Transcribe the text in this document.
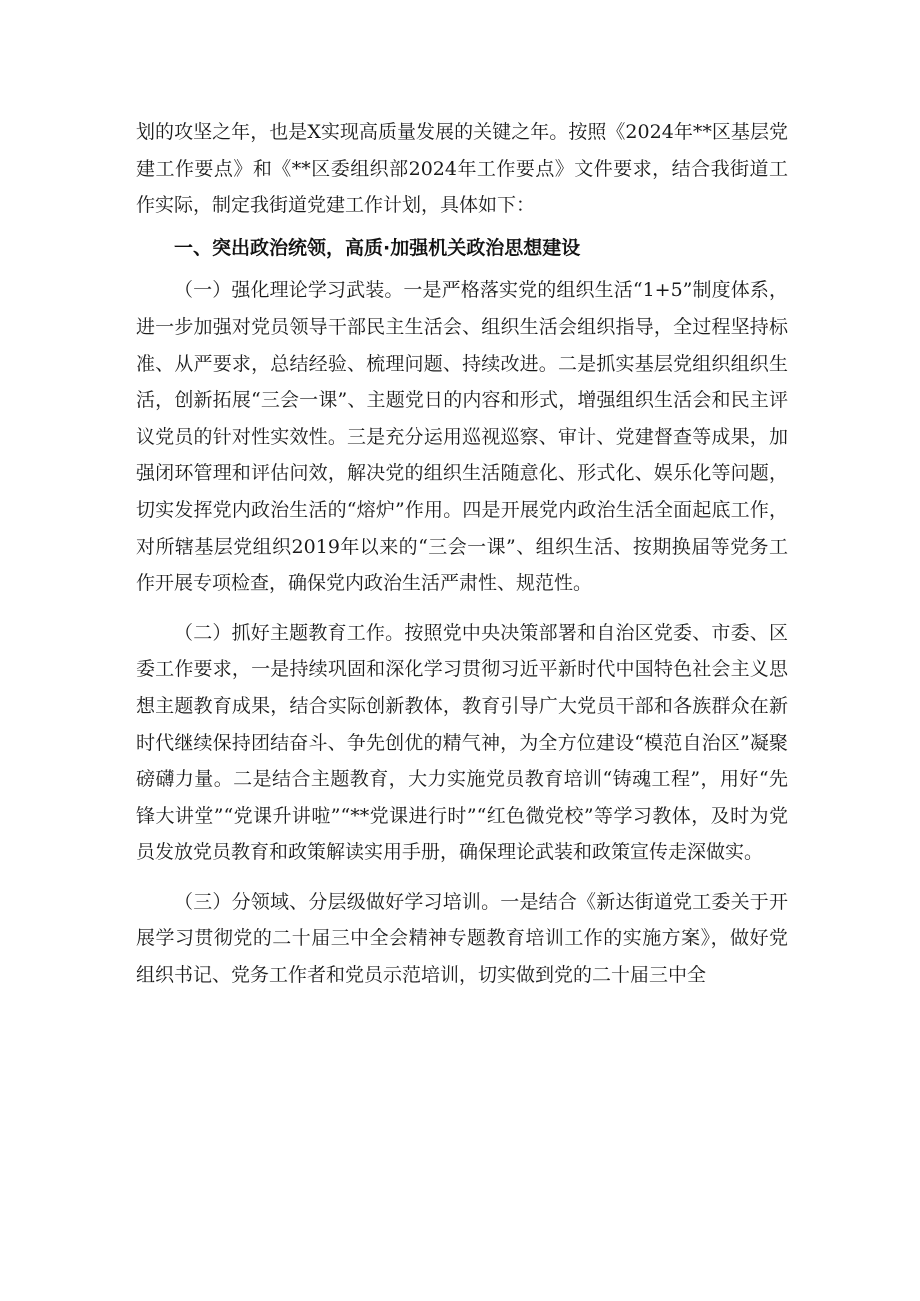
划的攻坚之年，也是X实现高质量发展的关键之年。按照《2024年**区基层党建工作要点》和《**区委组织部2024年工作要点》文件要求，结合我街道工作实际，制定我街道党建工作计划，具体如下：

一、突出政治统领，高质·加强机关政治思想建设

（一）强化理论学习武装。一是严格落实党的组织生活“1+5”制度体系，进一步加强对党员领导干部民主生活会、组织生活会组织指导，全过程坚持标准、从严要求，总结经验、梳理问题、持续改进。二是抓实基层党组织组织生活，创新拓展“三会一课”、主题党日的内容和形式，增强组织生活会和民主评议党员的针对性实效性。三是充分运用巡视巡察、审计、党建督查等成果，加强闭环管理和评估问效，解决党的组织生活随意化、形式化、娱乐化等问题，切实发挥党内政治生活的“熔炉”作用。四是开展党内政治生活全面起底工作，对所辖基层党组织2019年以来的“三会一课”、组织生活、按期换届等党务工作开展专项检查，确保党内政治生活严肃性、规范性。

（二）抓好主题教育工作。按照党中央决策部署和自治区党委、市委、区委工作要求，一是持续巩固和深化学习贯彻习近平新时代中国特色社会主义思想主题教育成果，结合实际创新教体，教育引导广大党员干部和各族群众在新时代继续保持团结奋斗、争先创优的精气神，为全方位建设“模范自治区”凝聚磅礴力量。二是结合主题教育，大力实施党员教育培训“铸魂工程”，用好“先锋大讲堂”“党课升讲啦”“**党课进行时”“红色微党校”等学习教体，及时为党员发放党员教育和政策解读实用手册，确保理论武装和政策宣传走深做实。

（三）分领域、分层级做好学习培训。一是结合《新达街道党工委关于开展学习贯彻党的二十届三中全会精神专题教育培训工作的实施方案》，做好党组织书记、党务工作者和党员示范培训，切实做到党的二十届三中全
